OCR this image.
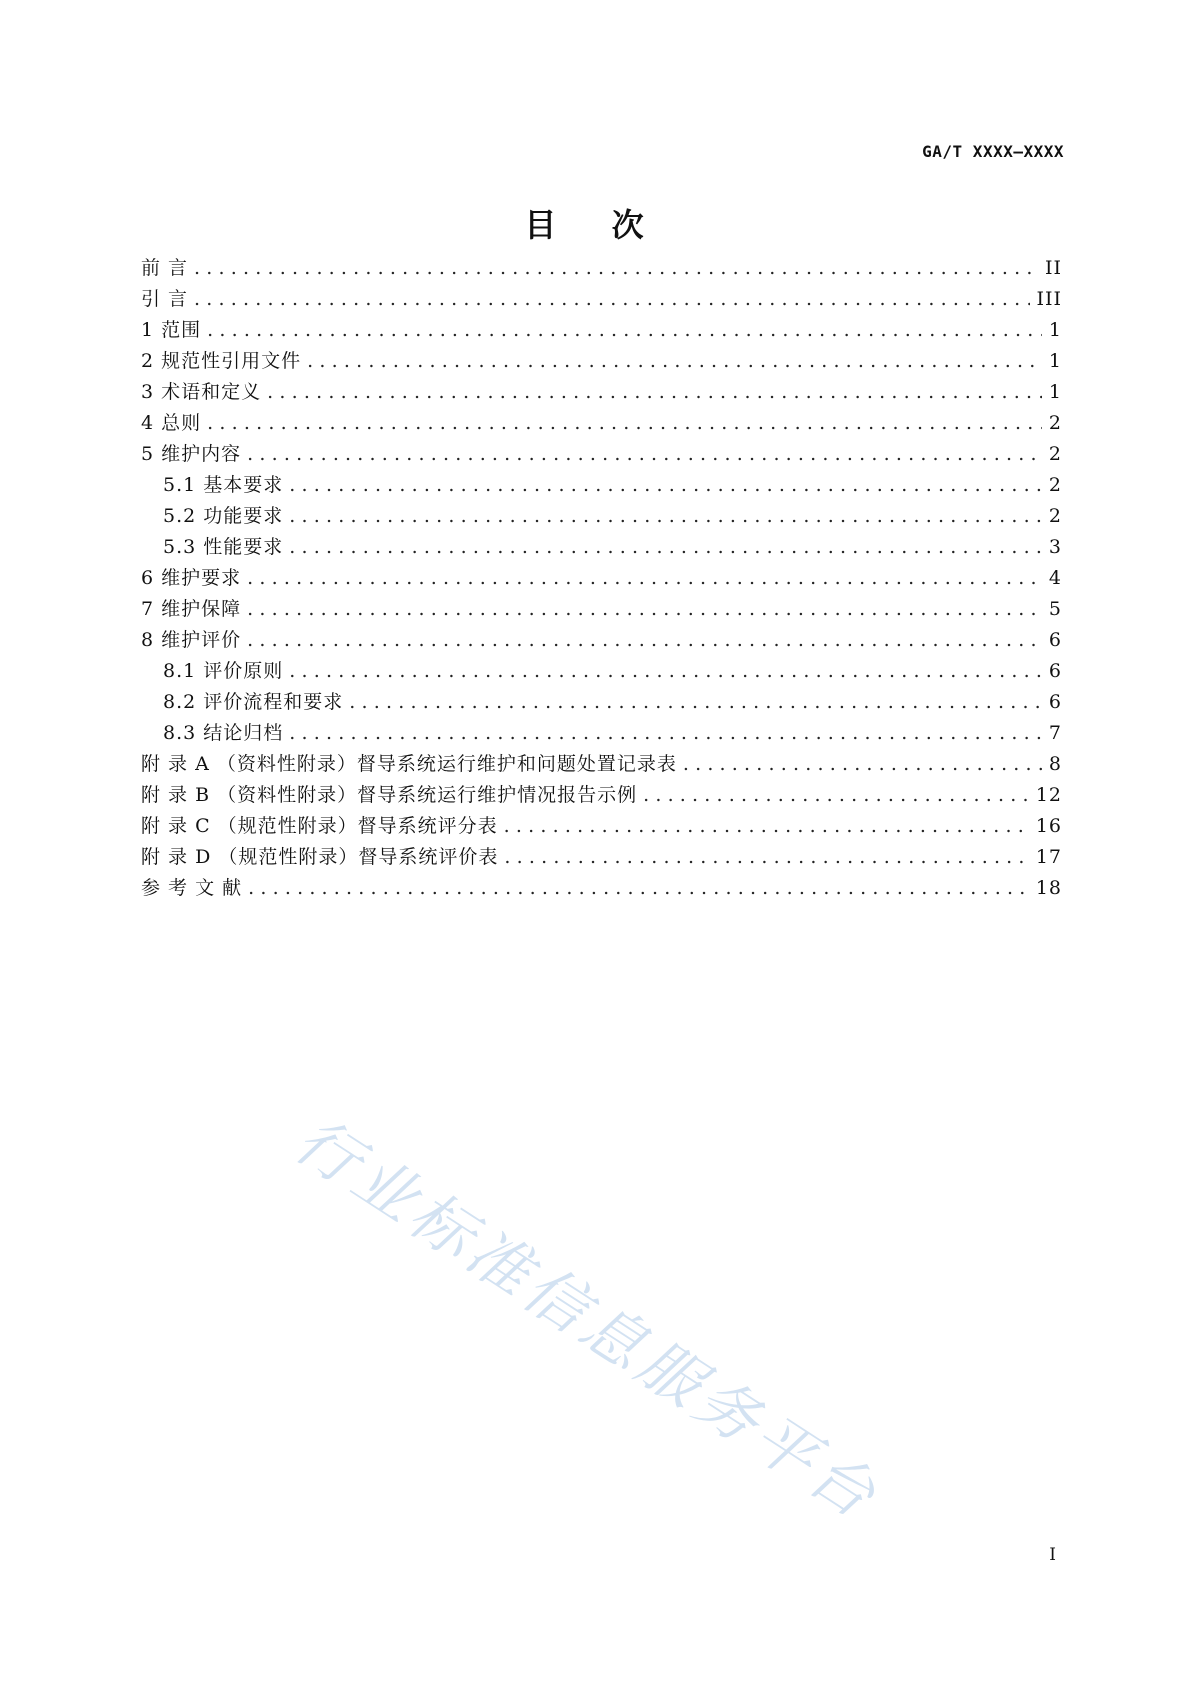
GA/T XXXX—XXXX
目 次
前 言 .....	II
引 言 .....	III
1 范围 .....	1
2 规范性引用文件 .....	1
3 术语和定义 .....	1
4 总则 .....	2
5 维护内容 .....	2
5.1 基本要求 .....	2
5.2 功能要求 .....	2
5.3 性能要求 .....	3
6 维护要求 .....	4
7 维护保障 .....	5
8 维护评价 .....	6
8.1 评价原则 .....	6
8.2 评价流程和要求 .....	6
8.3 结论归档 .....	7
附 录 A （资料性附录）督导系统运行维护和问题处置记录表 .....	8
附 录 B （资料性附录）督导系统运行维护情况报告示例 .....	12
附 录 C （规范性附录）督导系统评分表 .....	16
附 录 D （规范性附录）督导系统评价表 .....	17
参 考 文 献 .....	18
行业标准信息服务平台
I
